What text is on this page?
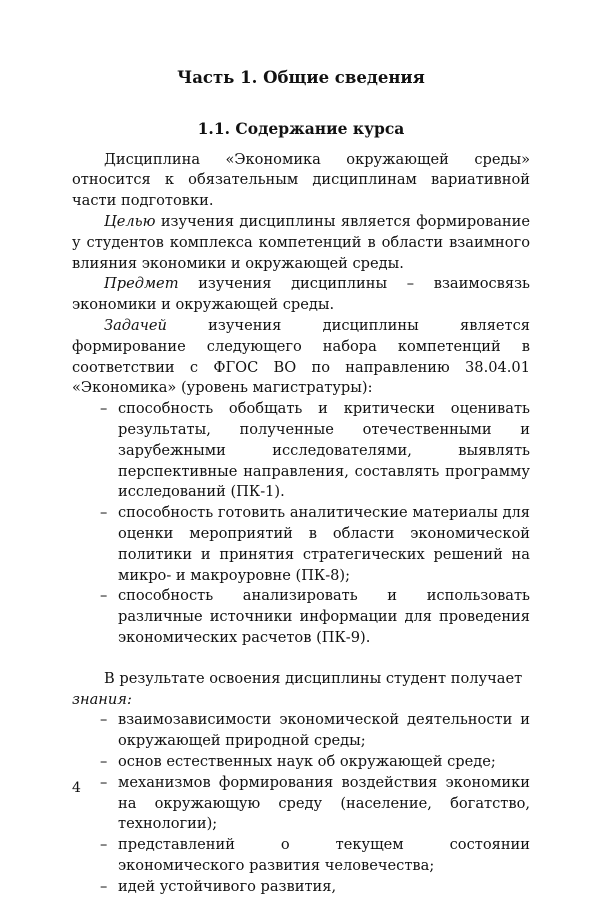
Часть 1. Общие сведения
1.1. Содержание курса

Дисциплина «Экономика окружающей среды» относится к обязательным дисциплинам вариативной части подготовки.

Целью изучения дисциплины является формирование у студентов комплекса компетенций в области взаимного влияния экономики и окружающей среды.

Предмет изучения дисциплины – взаимосвязь экономики и окружающей среды.

Задачей изучения дисциплины является формирование следующего набора компетенций в соответствии с ФГОС ВО по направлению 38.04.01 «Экономика» (уровень магистратуры):

– способность обобщать и критически оценивать результаты, полученные отечественными и зарубежными исследователями, выявлять перспективные направления, составлять программу исследований (ПК-1).
– способность готовить аналитические материалы для оценки мероприятий в области экономической политики и принятия стратегических решений на микро- и макроуровне (ПК-8);
– способность анализировать и использовать различные источники информации для проведения экономических расчетов (ПК-9).

В результате освоения дисциплины студент получает

знания:

– взаимозависимости экономической деятельности и окружающей природной среды;
– основ естественных наук об окружающей среде;
– механизмов формирования воздействия экономики на окружающую среду (население, богатство, технологии);
– представлений о текущем состоянии экономического развития человечества;
– идей устойчивого развития,
4
